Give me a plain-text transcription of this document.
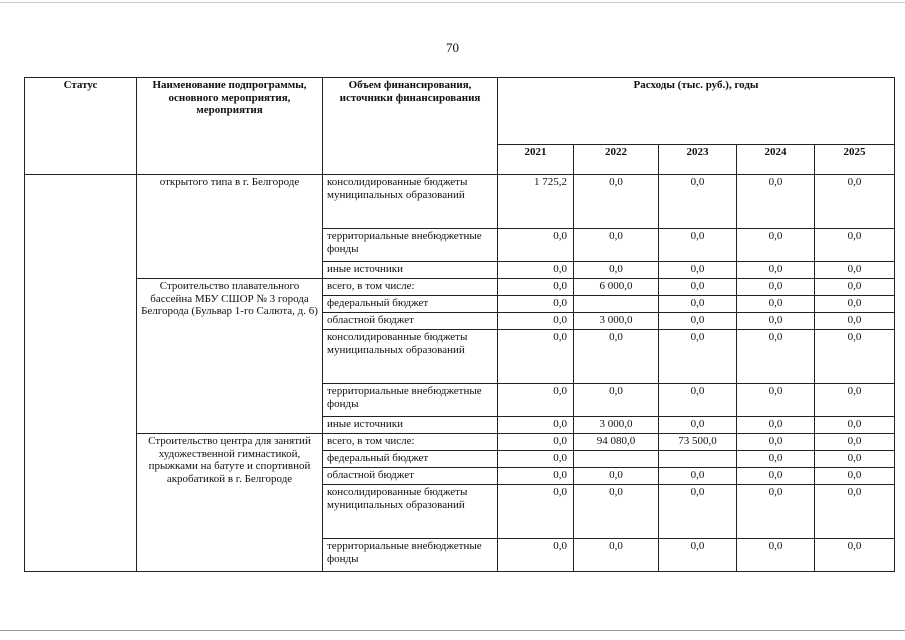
70
Статус	Наименование подпрограммы, основного мероприятия, мероприятия	Объем финансирования, источники финансирования	Расходы (тыс. руб.), годы				
			2021	2022	2023	2024	2025
	открытого типа в г. Белгороде	консолидированные бюджеты муниципальных образований	1 725,2	0,0	0,0	0,0	0,0
		территориальные внебюджетные фонды	0,0	0,0	0,0	0,0	0,0
		иные источники	0,0	0,0	0,0	0,0	0,0
	Строительство плавательного бассейна МБУ СШОР № 3 города Белгорода (Бульвар 1-го Салюта, д. 6)	всего, в том числе:	0,0	6 000,0	0,0	0,0	0,0
		федеральный бюджет	0,0		0,0	0,0	0,0
		областной бюджет	0,0	3 000,0	0,0	0,0	0,0
		консолидированные бюджеты муниципальных образований	0,0	0,0	0,0	0,0	0,0
		территориальные внебюджетные фонды	0,0	0,0	0,0	0,0	0,0
		иные источники	0,0	3 000,0	0,0	0,0	0,0
	Строительство центра для занятий художественной гимнастикой, прыжками на батуте и спортивной акробатикой в г. Белгороде	всего, в том числе:	0,0	94 080,0	73 500,0	0,0	0,0
		федеральный бюджет	0,0			0,0	0,0
		областной бюджет	0,0	0,0	0,0	0,0	0,0
		консолидированные бюджеты муниципальных образований	0,0	0,0	0,0	0,0	0,0
		территориальные внебюджетные фонды	0,0	0,0	0,0	0,0	0,0
